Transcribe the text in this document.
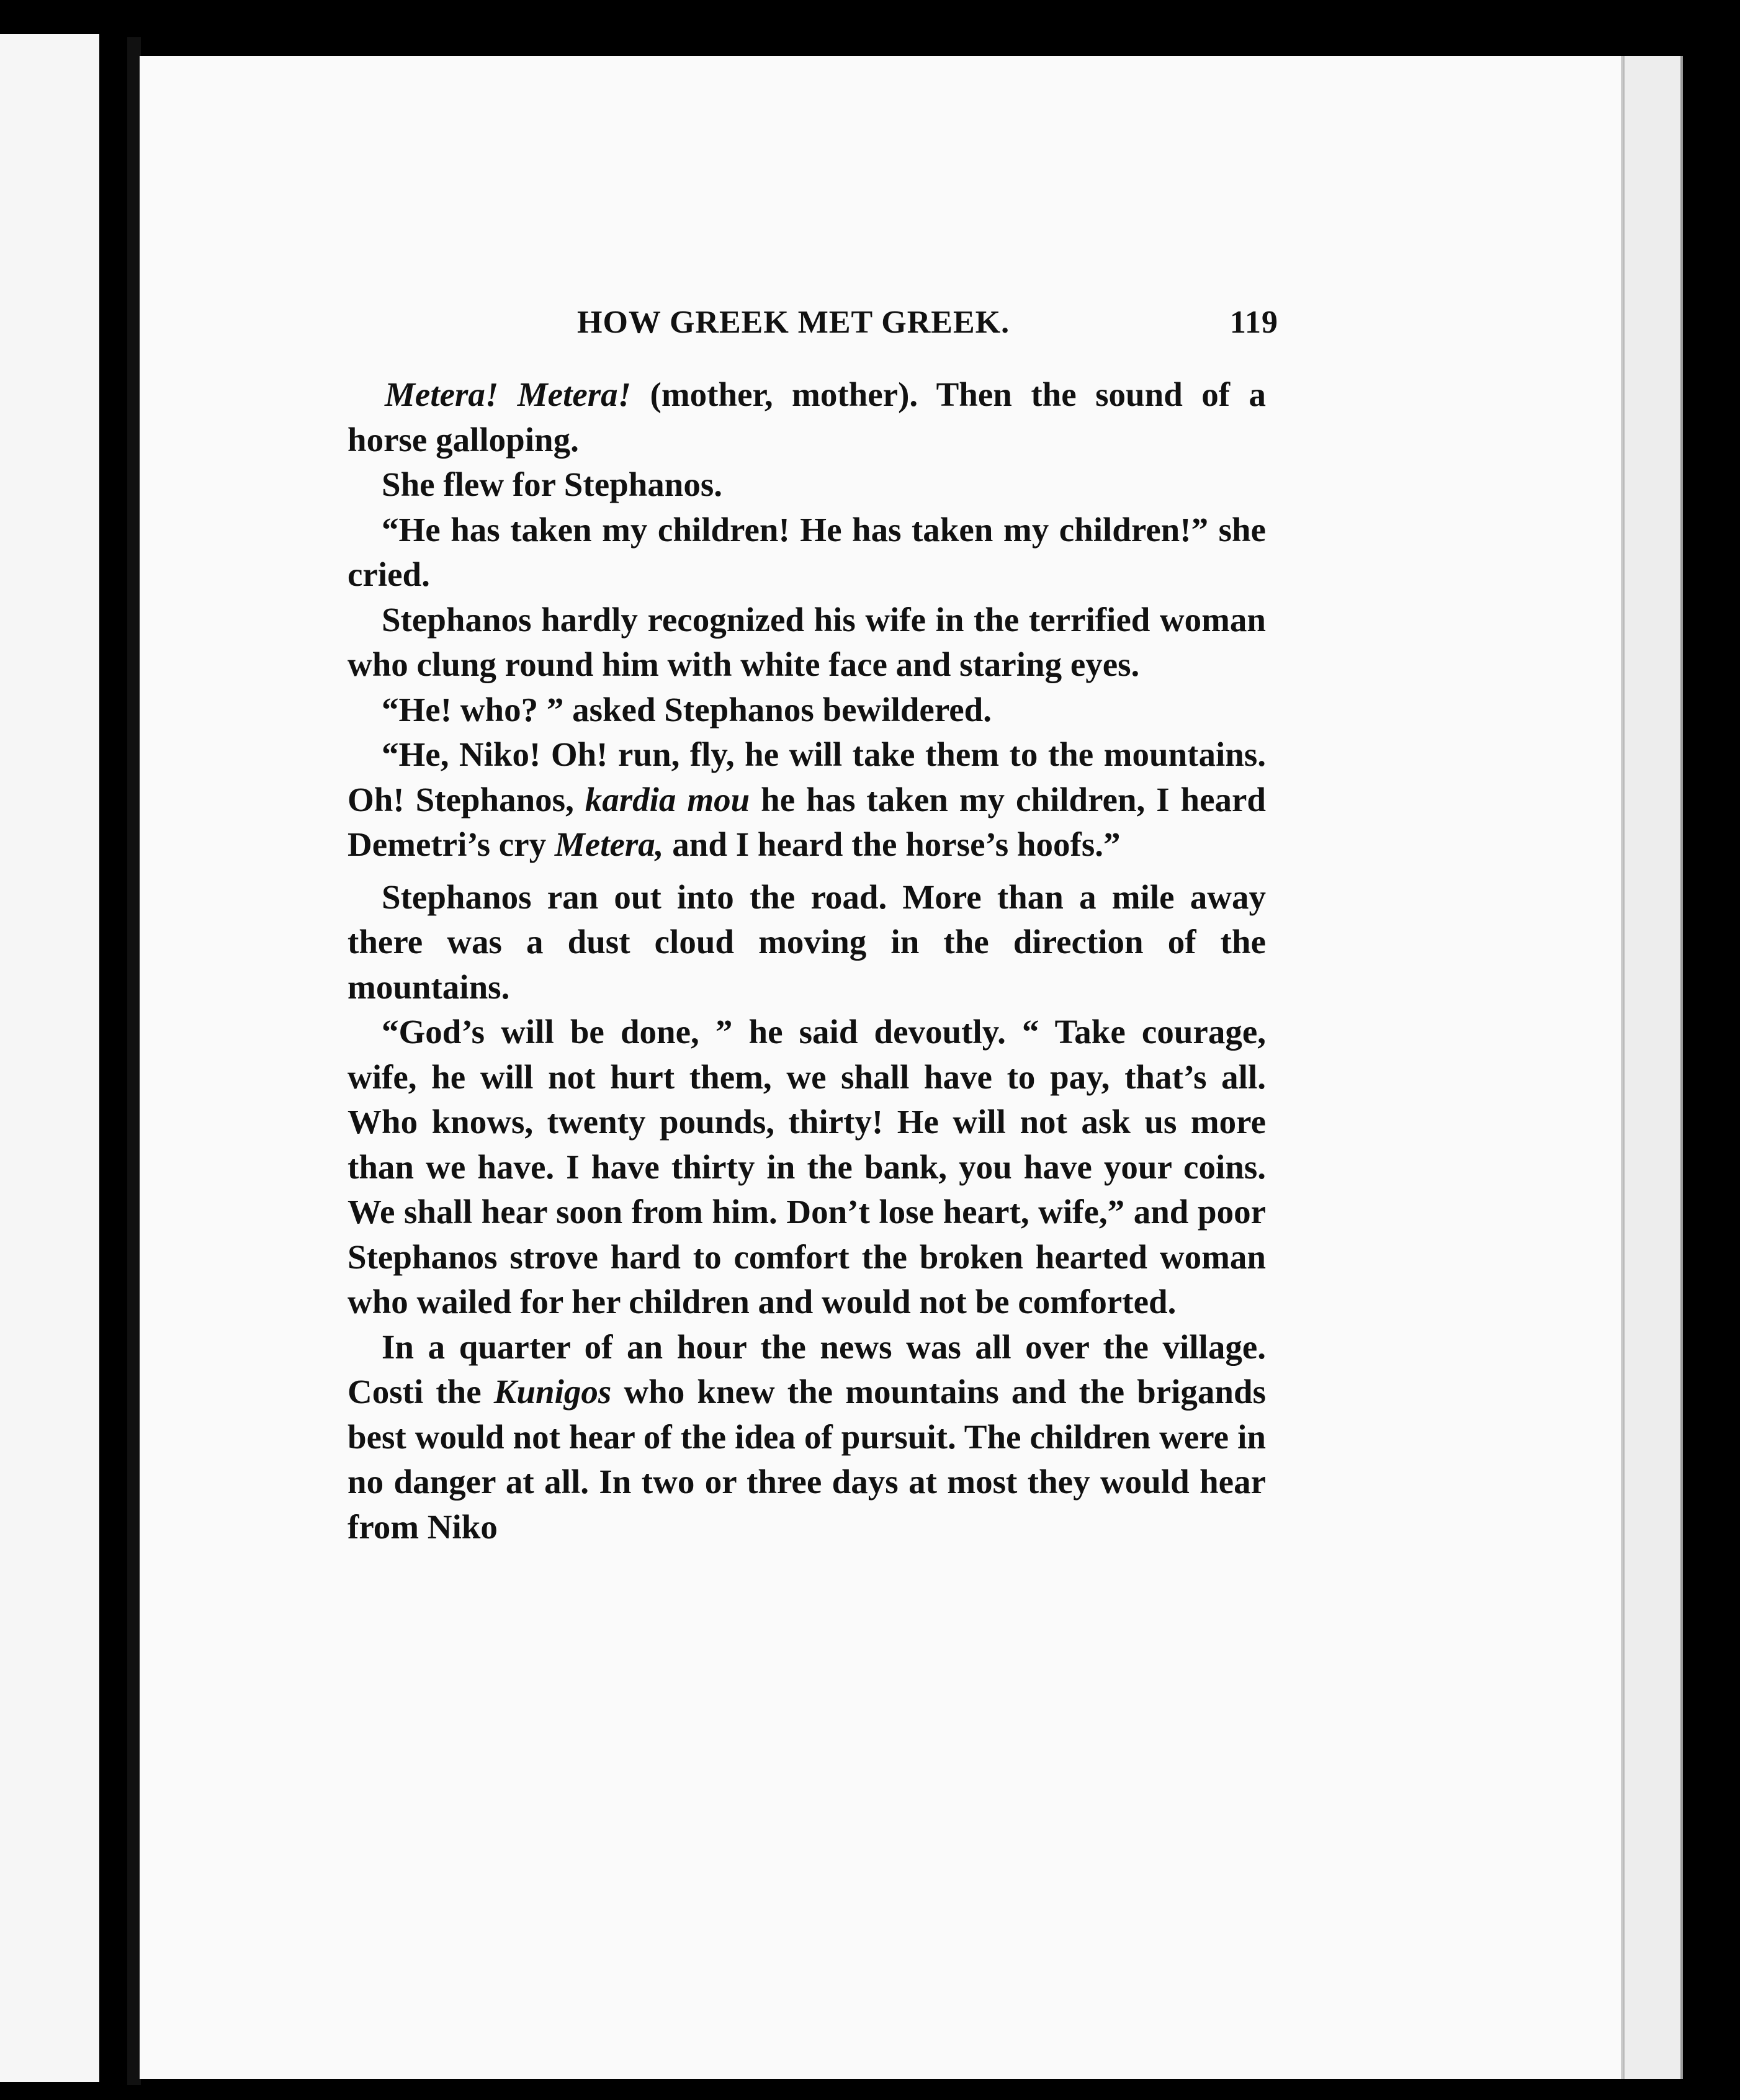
HOW GREEK MET GREEK.	119

Metera! Metera! (mother, mother). Then the sound of a horse galloping.

She flew for Stephanos.

“He has taken my children! He has taken my children!” she cried.

Stephanos hardly recognized his wife in the terrified woman who clung round him with white face and staring eyes.

“He! who? ” asked Stephanos bewildered.

“He, Niko! Oh! run, fly, he will take them to the mountains. Oh! Stephanos, kardia mou he has taken my children, I heard Demetri’s cry Metera, and I heard the horse’s hoofs.”

Stephanos ran out into the road. More than a mile away there was a dust cloud moving in the direction of the mountains.

“God’s will be done, ” he said devoutly. “ Take courage, wife, he will not hurt them, we shall have to pay, that’s all. Who knows, twenty pounds, thirty! He will not ask us more than we have. I have thirty in the bank, you have your coins. We shall hear soon from him. Don’t lose heart, wife,” and poor Stephanos strove hard to comfort the broken hearted woman who wailed for her children and would not be comforted.

In a quarter of an hour the news was all over the village. Costi the Kunigos who knew the mountains and the brigands best would not hear of the idea of pursuit. The children were in no danger at all. In two or three days at most they would hear from Niko
